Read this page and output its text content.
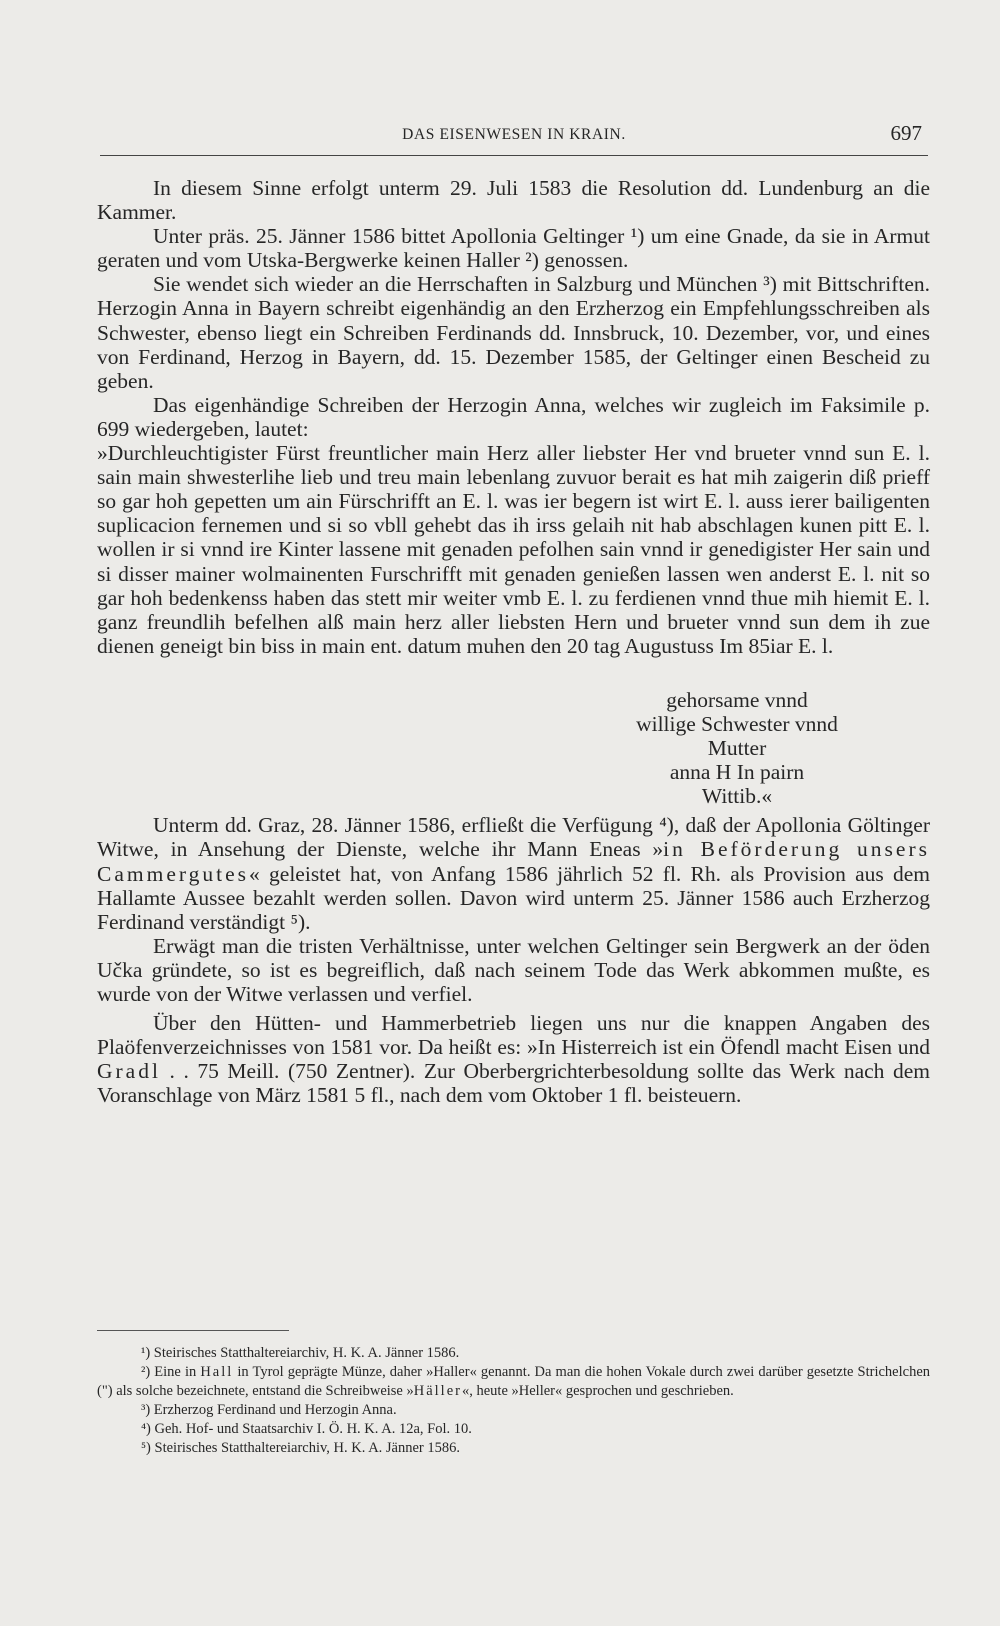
DAS EISENWESEN IN KRAIN.	697

In diesem Sinne erfolgt unterm 29. Juli 1583 die Resolution dd. Lundenburg an die Kammer.

Unter präs. 25. Jänner 1586 bittet Apollonia Geltinger ¹) um eine Gnade, da sie in Armut geraten und vom Utska-Bergwerke keinen Haller ²) genossen.

Sie wendet sich wieder an die Herrschaften in Salzburg und München ³) mit Bittschriften. Herzogin Anna in Bayern schreibt eigenhändig an den Erzherzog ein Empfehlungsschreiben als Schwester, ebenso liegt ein Schreiben Ferdinands dd. Innsbruck, 10. Dezember, vor, und eines von Ferdinand, Herzog in Bayern, dd. 15. Dezember 1585, der Geltinger einen Bescheid zu geben.

Das eigenhändige Schreiben der Herzogin Anna, welches wir zugleich im Faksimile p. 699 wiedergeben, lautet:

»Durchleuchtigister Fürst freuntlicher main Herz aller liebster Her vnd brueter vnnd sun E. l. sain main shwesterlihe lieb und treu main lebenlang zuvuor berait es hat mih zaigerin diß prieff so gar hoh gepetten um ain Fürschrifft an E. l. was ier begern ist wirt E. l. auss ierer bailigenten suplicacion fernemen und si so vbll gehebt das ih irss gelaih nit hab abschlagen kunen pitt E. l. wollen ir si vnnd ire Kinter lassene mit genaden pefolhen sain vnnd ir genedigister Her sain und si disser mainer wolmainenten Furschrifft mit genaden genießen lassen wen anderst E. l. nit so gar hoh bedenkenss haben das stett mir weiter vmb E. l. zu ferdienen vnnd thue mih hiemit E. l. ganz freundlih befelhen alß main herz aller liebsten Hern und brueter vnnd sun dem ih zue dienen geneigt bin biss in main ent. datum muhen den 20 tag Augustuss Im 85iar E. l.

gehorsame vnnd
willige Schwester vnnd
Mutter
anna H In pairn
Wittib.«

Unterm dd. Graz, 28. Jänner 1586, erfließt die Verfügung ⁴), daß der Apollonia Göltinger Witwe, in Ansehung der Dienste, welche ihr Mann Eneas »in Beförderung unsers Cammergutes« geleistet hat, von Anfang 1586 jährlich 52 fl. Rh. als Provision aus dem Hallamte Aussee bezahlt werden sollen. Davon wird unterm 25. Jänner 1586 auch Erzherzog Ferdinand verständigt ⁵).

Erwägt man die tristen Verhältnisse, unter welchen Geltinger sein Bergwerk an der öden Učka gründete, so ist es begreiflich, daß nach seinem Tode das Werk abkommen mußte, es wurde von der Witwe verlassen und verfiel.

Über den Hütten- und Hammerbetrieb liegen uns nur die knappen Angaben des Plaöfenverzeichnisses von 1581 vor. Da heißt es: »In Histerreich ist ein Öfendl macht Eisen und Gradl . . 75 Meill. (750 Zentner). Zur Oberbergrichterbesoldung sollte das Werk nach dem Voranschlage von März 1581 5 fl., nach dem vom Oktober 1 fl. beisteuern.

¹) Steirisches Statthaltereiarchiv, H. K. A. Jänner 1586.

²) Eine in Hall in Tyrol geprägte Münze, daher »Haller« genannt. Da man die hohen Vokale durch zwei darüber gesetzte Strichelchen (") als solche bezeichnete, entstand die Schreibweise »Häller«, heute »Heller« gesprochen und geschrieben.

³) Erzherzog Ferdinand und Herzogin Anna.

⁴) Geh. Hof- und Staatsarchiv I. Ö. H. K. A. 12a, Fol. 10.

⁵) Steirisches Statthaltereiarchiv, H. K. A. Jänner 1586.
